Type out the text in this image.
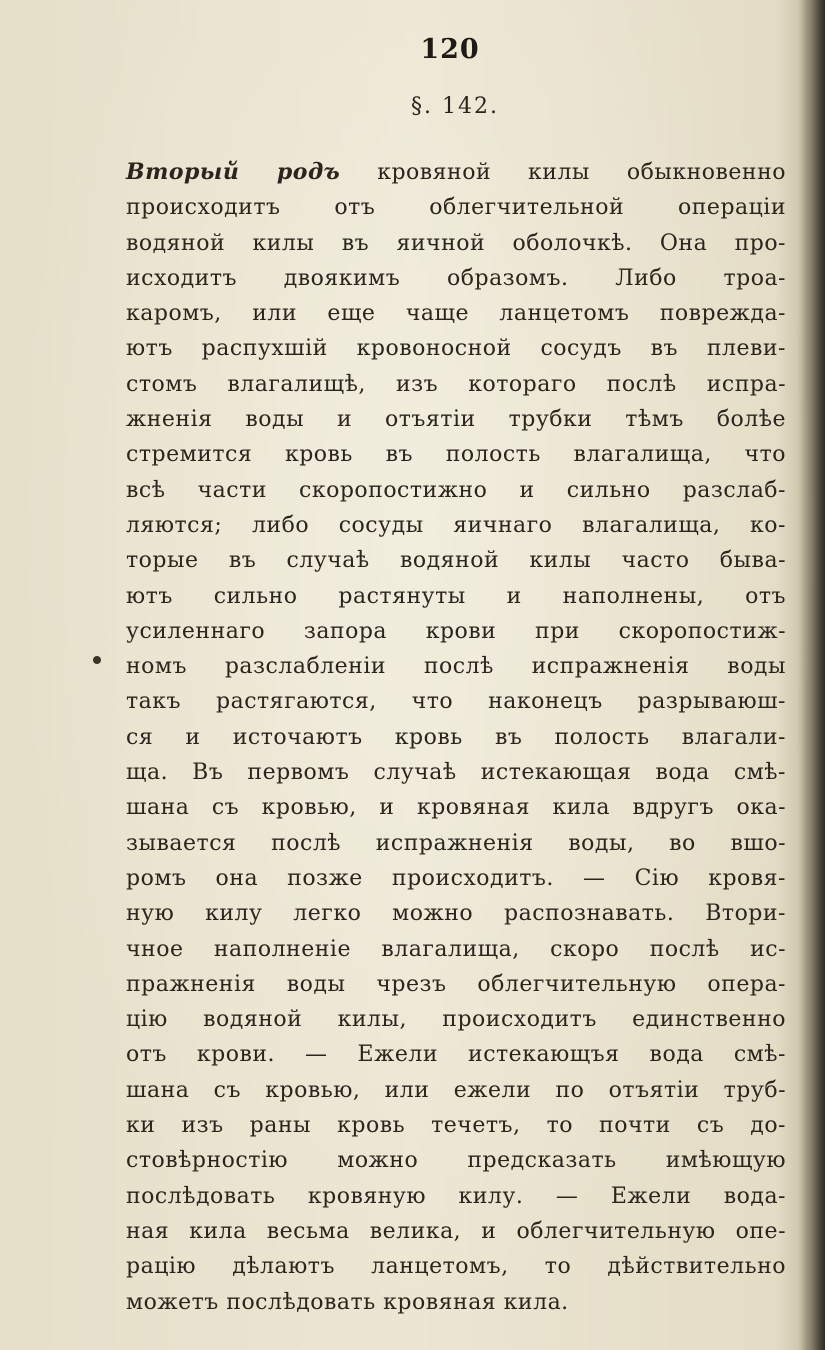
120
§. 142.
Вторый родъ кровяной килы обыкновенно
происходитъ отъ облегчительной операціи
водяной килы въ яичной оболочкѣ. Она про-
исходитъ двоякимъ образомъ. Либо троа-
каромъ, или еще чаще ланцетомъ поврежда-
ютъ распухшій кровоносной сосудъ въ плеви-
стомъ влагалищѣ, изъ котораго послѣ испра-
жненія воды и отъятіи трубки тѣмъ болѣе
стремится кровь въ полость влагалища, что
всѣ части скоропостижно и сильно разслаб-
ляются; либо сосуды яичнаго влагалища, ко-
торые въ случаѣ водяной килы часто быва-
ютъ сильно растянуты и наполнены, отъ
усиленнаго запора крови при скоропостиж-
номъ разслабленіи послѣ испражненія воды
такъ растягаются, что наконецъ разрываюш-
ся и источаютъ кровь въ полость влагали-
ща. Въ первомъ случаѣ истекающая вода смѣ-
шана съ кровью, и кровяная кила вдругъ ока-
зывается послѣ испражненія воды, во вшо-
ромъ она позже происходитъ. — Сію кровя-
ную килу легко можно распознавать. Втори-
чное наполненіе влагалища, скоро послѣ ис-
пражненія воды чрезъ облегчительную опера-
цію водяной килы, происходитъ единственно
отъ крови. — Ежели истекающъя вода смѣ-
шана съ кровью, или ежели по отъятіи труб-
ки изъ раны кровь течетъ, то почти съ до-
стовѣрностію можно предсказать имѣющую
послѣдовать кровяную килу. — Ежели вода-
ная кила весьма велика, и облегчительную опе-
рацію дѣлаютъ ланцетомъ, то дѣйствительно
можетъ послѣдовать кровяная кила.
